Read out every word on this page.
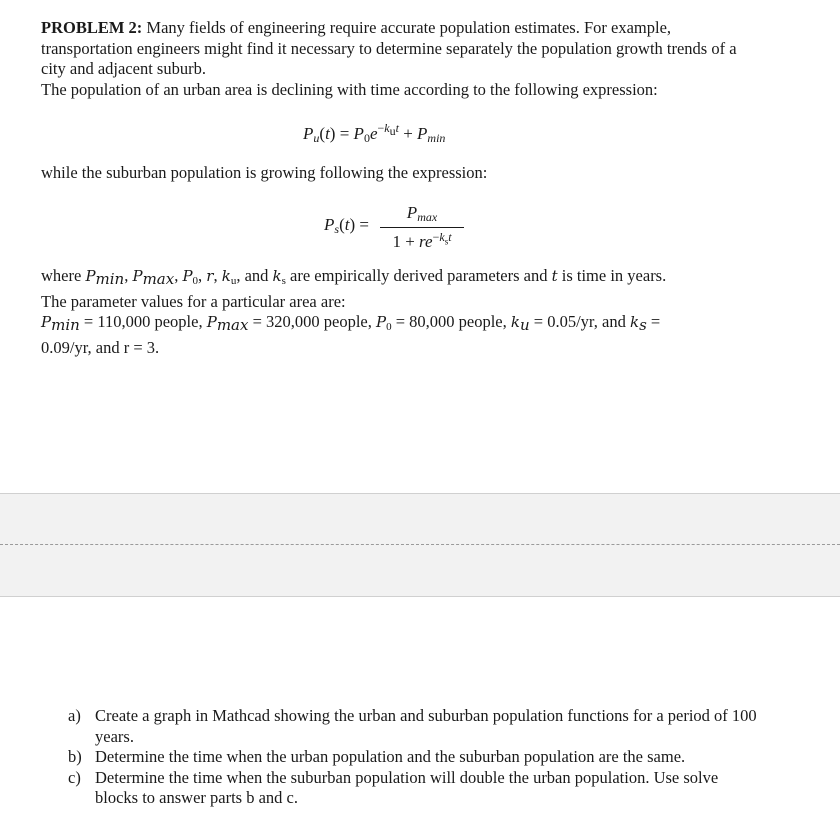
PROBLEM 2: Many fields of engineering require accurate population estimates. For example, transportation engineers might find it necessary to determine separately the population growth trends of a city and adjacent suburb.
The population of an urban area is declining with time according to the following expression:
$P_u(t) = P_0e^{-k_ut} + P_{min}$
while the suburban population is growing following the expression:
$P_s(t)$ =
$P_{max}$
$1 + re^{-k_st}$
where $P_{min}$, $P_{max}$, $P_0$, r, $k_u$, and $k_s$ are empirically derived parameters and t is time in years.
The parameter values for a particular area are:
$P_{min} = 110,000$ people, $P_{max} = 320,000$ people, $P_0 = 80,000$ people, $k_u = 0.05/yr$, and $k_s$ =
0.09/yr, and r = 3.
a) Create a graph in Mathcad showing the urban and suburban population functions for a period of 100 years.
b) Determine the time when the urban population and the suburban population are the same.
c) Determine the time when the suburban population will double the urban population. Use solve blocks to answer parts b and c.
